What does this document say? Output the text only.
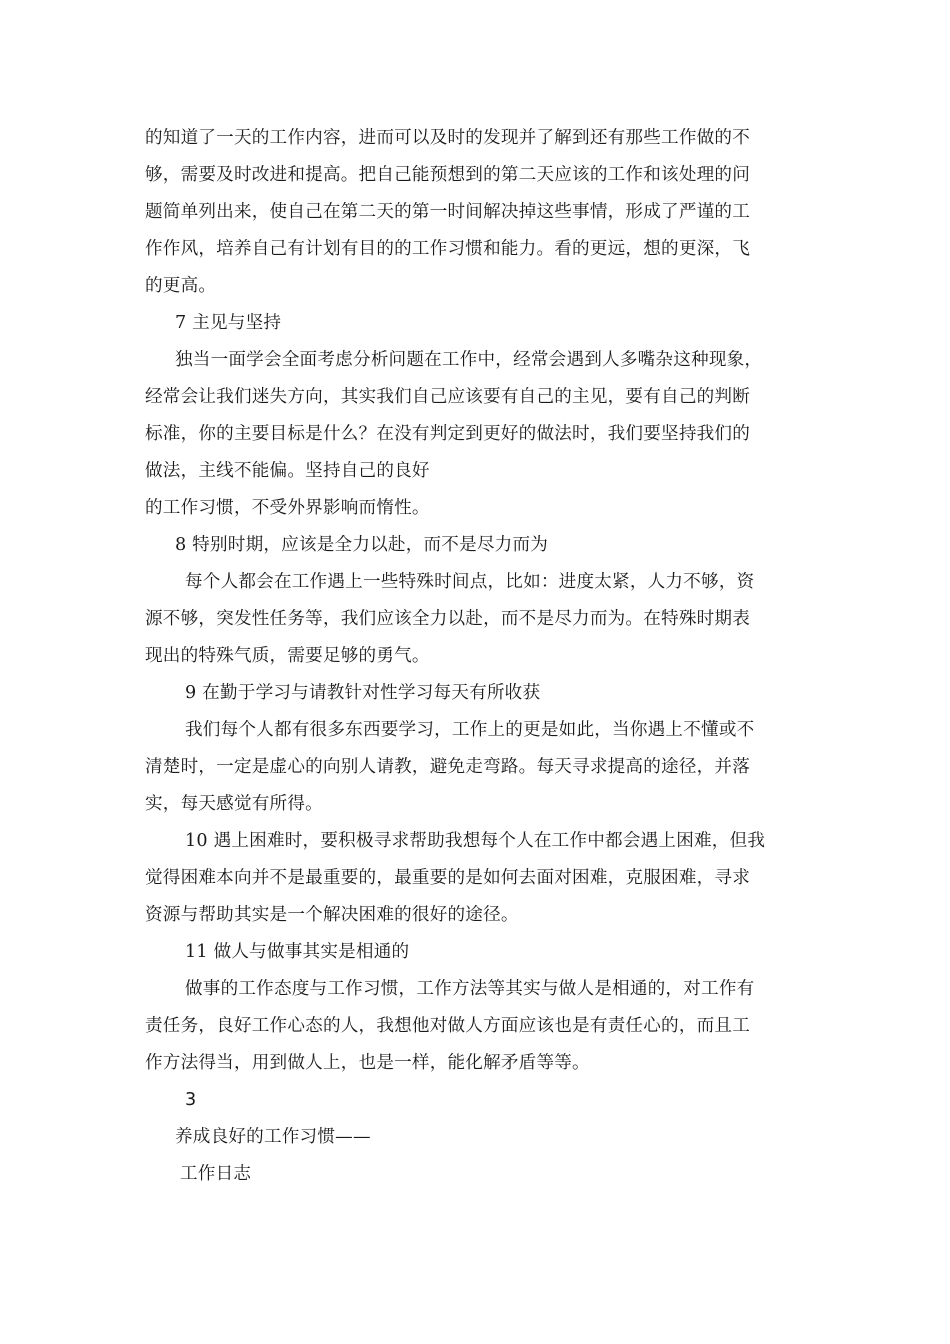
的知道了一天的工作内容，进而可以及时的发现并了解到还有那些工作做的不
够，需要及时改进和提高。把自己能预想到的第二天应该的工作和该处理的问
题简单列出来，使自己在第二天的第一时间解决掉这些事情，形成了严谨的工
作作风，培养自己有计划有目的的工作习惯和能力。看的更远，想的更深，飞
的更高。
7 主见与坚持
独当一面学会全面考虑分析问题在工作中，经常会遇到人多嘴杂这种现象，
经常会让我们迷失方向，其实我们自己应该要有自己的主见，要有自己的判断
标准，你的主要目标是什么？在没有判定到更好的做法时，我们要坚持我们的
做法，主线不能偏。坚持自己的良好
的工作习惯，不受外界影响而惰性。
8 特别时期，应该是全力以赴，而不是尽力而为
每个人都会在工作遇上一些特殊时间点，比如：进度太紧，人力不够，资
源不够，突发性任务等，我们应该全力以赴，而不是尽力而为。在特殊时期表
现出的特殊气质，需要足够的勇气。
9 在勤于学习与请教针对性学习每天有所收获
我们每个人都有很多东西要学习，工作上的更是如此，当你遇上不懂或不
清楚时，一定是虚心的向别人请教，避免走弯路。每天寻求提高的途径，并落
实，每天感觉有所得。
10 遇上困难时，要积极寻求帮助我想每个人在工作中都会遇上困难，但我
觉得困难本向并不是最重要的，最重要的是如何去面对困难，克服困难，寻求
资源与帮助其实是一个解决困难的很好的途径。
11 做人与做事其实是相通的
做事的工作态度与工作习惯，工作方法等其实与做人是相通的，对工作有
责任务，良好工作心态的人，我想他对做人方面应该也是有责任心的，而且工
作方法得当，用到做人上，也是一样，能化解矛盾等等。
3
养成良好的工作习惯——
工作日志
